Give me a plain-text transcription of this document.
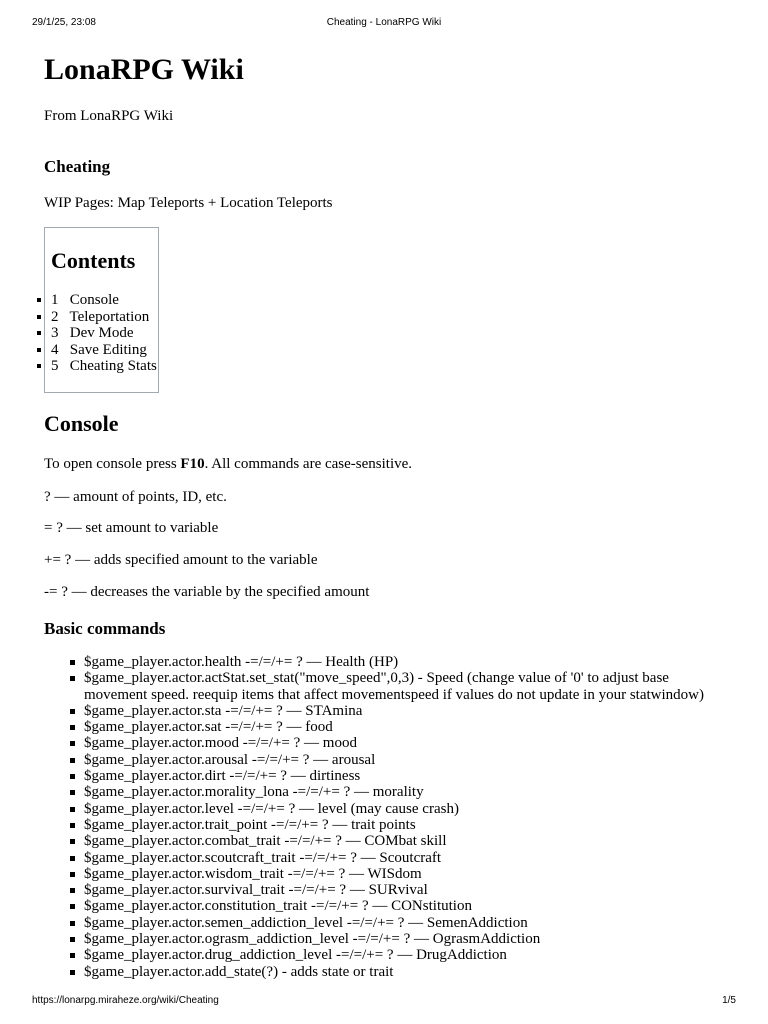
29/1/25, 23:08	Cheating - LonaRPG Wiki
LonaRPG Wiki
From LonaRPG Wiki
Cheating
WIP Pages: Map Teleports + Location Teleports
Contents
1 Console
2 Teleportation
3 Dev Mode
4 Save Editing
5 Cheating Stats
Console
To open console press F10. All commands are case-sensitive.
? — amount of points, ID, etc.
= ? — set amount to variable
+= ? — adds specified amount to the variable
-= ? — decreases the variable by the specified amount
Basic commands
$game_player.actor.health -=/=/+= ? — Health (HP)
$game_player.actor.actStat.set_stat("move_speed",0,3) - Speed (change value of '0' to adjust base movement speed. reequip items that affect movementspeed if values do not update in your statwindow)
$game_player.actor.sta -=/=/+= ? — STAmina
$game_player.actor.sat -=/=/+= ? — food
$game_player.actor.mood -=/=/+= ? — mood
$game_player.actor.arousal -=/=/+= ? — arousal
$game_player.actor.dirt -=/=/+= ? — dirtiness
$game_player.actor.morality_lona -=/=/+= ? — morality
$game_player.actor.level -=/=/+= ? — level (may cause crash)
$game_player.actor.trait_point -=/=/+= ? — trait points
$game_player.actor.combat_trait -=/=/+= ? — COMbat skill
$game_player.actor.scoutcraft_trait -=/=/+= ? — Scoutcraft
$game_player.actor.wisdom_trait -=/=/+= ? — WISdom
$game_player.actor.survival_trait -=/=/+= ? — SURvival
$game_player.actor.constitution_trait -=/=/+= ? — CONstitution
$game_player.actor.semen_addiction_level -=/=/+= ? — SemenAddiction
$game_player.actor.ograsm_addiction_level -=/=/+= ? — OgrasmAddiction
$game_player.actor.drug_addiction_level -=/=/+= ? — DrugAddiction
$game_player.actor.add_state(?) - adds state or trait
https://lonarpg.miraheze.org/wiki/Cheating	1/5
